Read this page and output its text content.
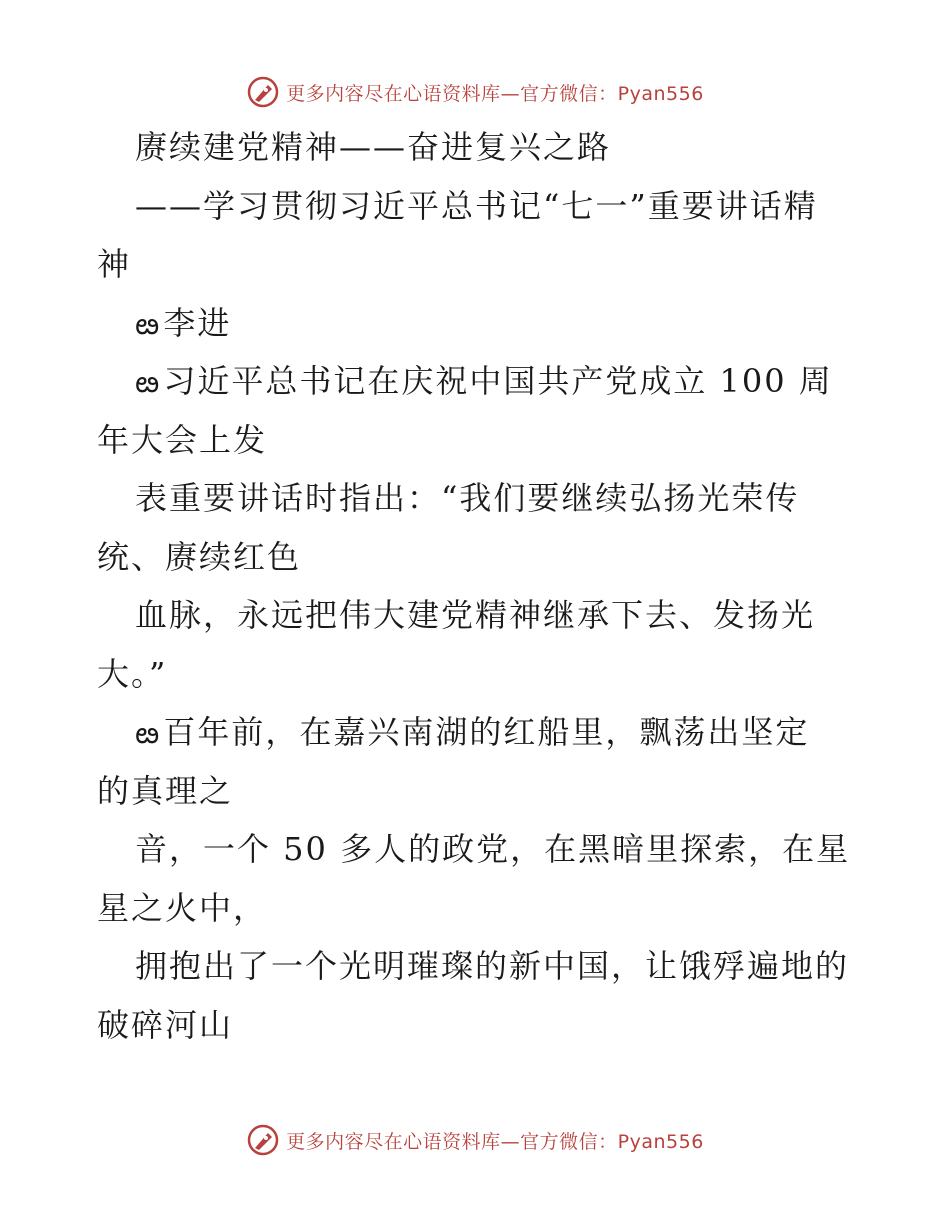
更多内容尽在心语资料库—官方微信：Pyan556
赓续建党精神——奋进复兴之路
——学习贯彻习近平总书记“七一”重要讲话精
神
ఴ李进
ఴ习近平总书记在庆祝中国共产党成立 100 周
年大会上发
表重要讲话时指出：“我们要继续弘扬光荣传
统、赓续红色
血脉，永远把伟大建党精神继承下去、发扬光
大。”
ఴ百年前，在嘉兴南湖的红船里，飘荡出坚定
的真理之
音，一个 50 多人的政党，在黑暗里探索，在星
星之火中，
拥抱出了一个光明璀璨的新中国，让饿殍遍地的
破碎河山
更多内容尽在心语资料库—官方微信：Pyan556
